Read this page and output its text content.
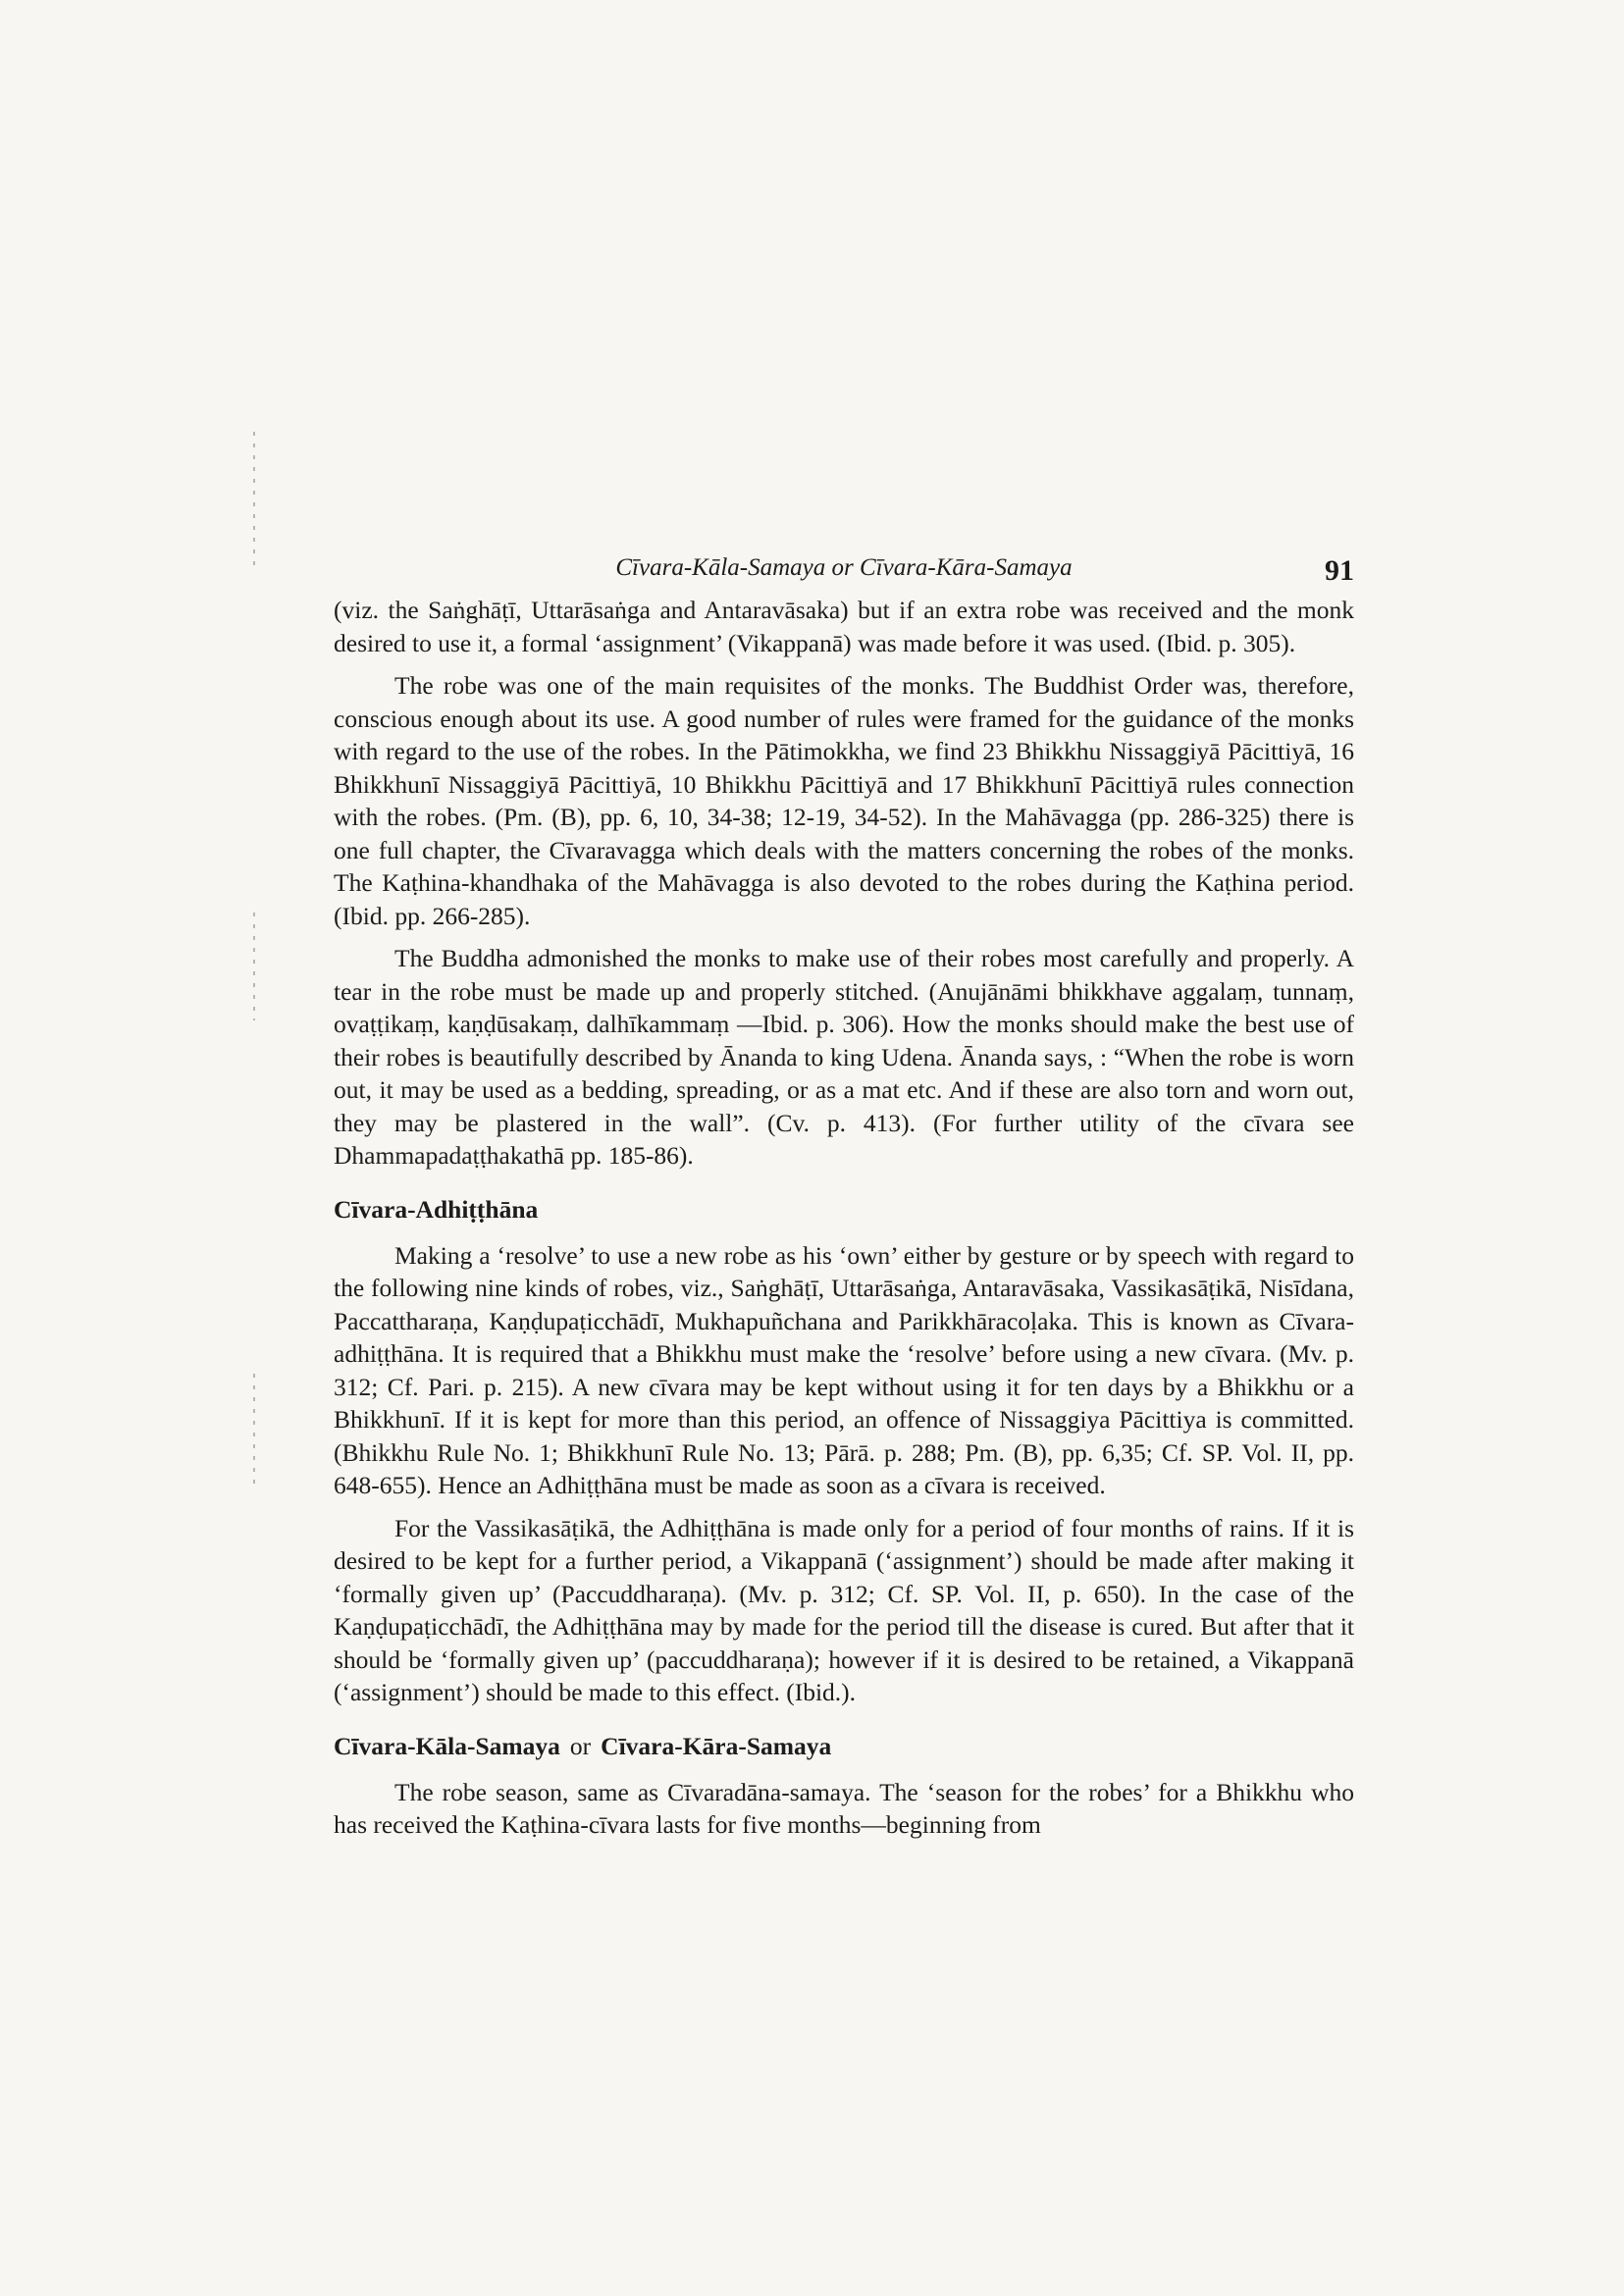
Cīvara-Kāla-Samaya or Cīvara-Kāra-Samaya	91

(viz. the Saṅghāṭī, Uttarāsaṅga and Antaravāsaka) but if an extra robe was received and the monk desired to use it, a formal ‘assignment’ (Vikappanā) was made before it was used. (Ibid. p. 305).

The robe was one of the main requisites of the monks. The Buddhist Order was, therefore, conscious enough about its use. A good number of rules were framed for the guidance of the monks with regard to the use of the robes. In the Pātimokkha, we find 23 Bhikkhu Nissaggiyā Pācittiyā, 16 Bhikkhunī Nissaggiyā Pācittiyā, 10 Bhikkhu Pācittiyā and 17 Bhikkhunī Pācittiyā rules connection with the robes. (Pm. (B), pp. 6, 10, 34-38; 12-19, 34-52). In the Mahāvagga (pp. 286-325) there is one full chapter, the Cīvaravagga which deals with the matters concerning the robes of the monks. The Kaṭhina-khandhaka of the Mahāvagga is also devoted to the robes during the Kaṭhina period. (Ibid. pp. 266-285).

The Buddha admonished the monks to make use of their robes most carefully and properly. A tear in the robe must be made up and properly stitched. (Anujānāmi bhikkhave aggalaṃ, tunnaṃ, ovaṭṭikaṃ, kaṇḍūsakaṃ, dalhīkammaṃ —Ibid. p. 306). How the monks should make the best use of their robes is beautifully described by Ānanda to king Udena. Ānanda says, : “When the robe is worn out, it may be used as a bedding, spreading, or as a mat etc. And if these are also torn and worn out, they may be plastered in the wall”. (Cv. p. 413). (For further utility of the cīvara see Dhammapadaṭṭhakathā pp. 185-86).

Cīvara-Adhiṭṭhāna

Making a ‘resolve’ to use a new robe as his ‘own’ either by gesture or by speech with regard to the following nine kinds of robes, viz., Saṅghāṭī, Uttarāsaṅga, Antaravāsaka, Vassikasāṭikā, Nisīdana, Paccattharaṇa, Kaṇḍupaṭicchādī, Mukhapuñchana and Parikkhāracoḷaka. This is known as Cīvara-adhiṭṭhāna. It is required that a Bhikkhu must make the ‘resolve’ before using a new cīvara. (Mv. p. 312; Cf. Pari. p. 215). A new cīvara may be kept without using it for ten days by a Bhikkhu or a Bhikkhunī. If it is kept for more than this period, an offence of Nissaggiya Pācittiya is committed. (Bhikkhu Rule No. 1; Bhikkhunī Rule No. 13; Pārā. p. 288; Pm. (B), pp. 6,35; Cf. SP. Vol. II, pp. 648-655). Hence an Adhiṭṭhāna must be made as soon as a cīvara is received.

For the Vassikasāṭikā, the Adhiṭṭhāna is made only for a period of four months of rains. If it is desired to be kept for a further period, a Vikappanā (‘assignment’) should be made after making it ‘formally given up’ (Paccuddharaṇa). (Mv. p. 312; Cf. SP. Vol. II, p. 650). In the case of the Kaṇḍupaṭicchādī, the Adhiṭṭhāna may by made for the period till the disease is cured. But after that it should be ‘formally given up’ (paccuddharaṇa); however if it is desired to be retained, a Vikappanā (‘assignment’) should be made to this effect. (Ibid.).

Cīvara-Kāla-Samaya or Cīvara-Kāra-Samaya

The robe season, same as Cīvaradāna-samaya. The ‘season for the robes’ for a Bhikkhu who has received the Kaṭhina-cīvara lasts for five months—beginning from
